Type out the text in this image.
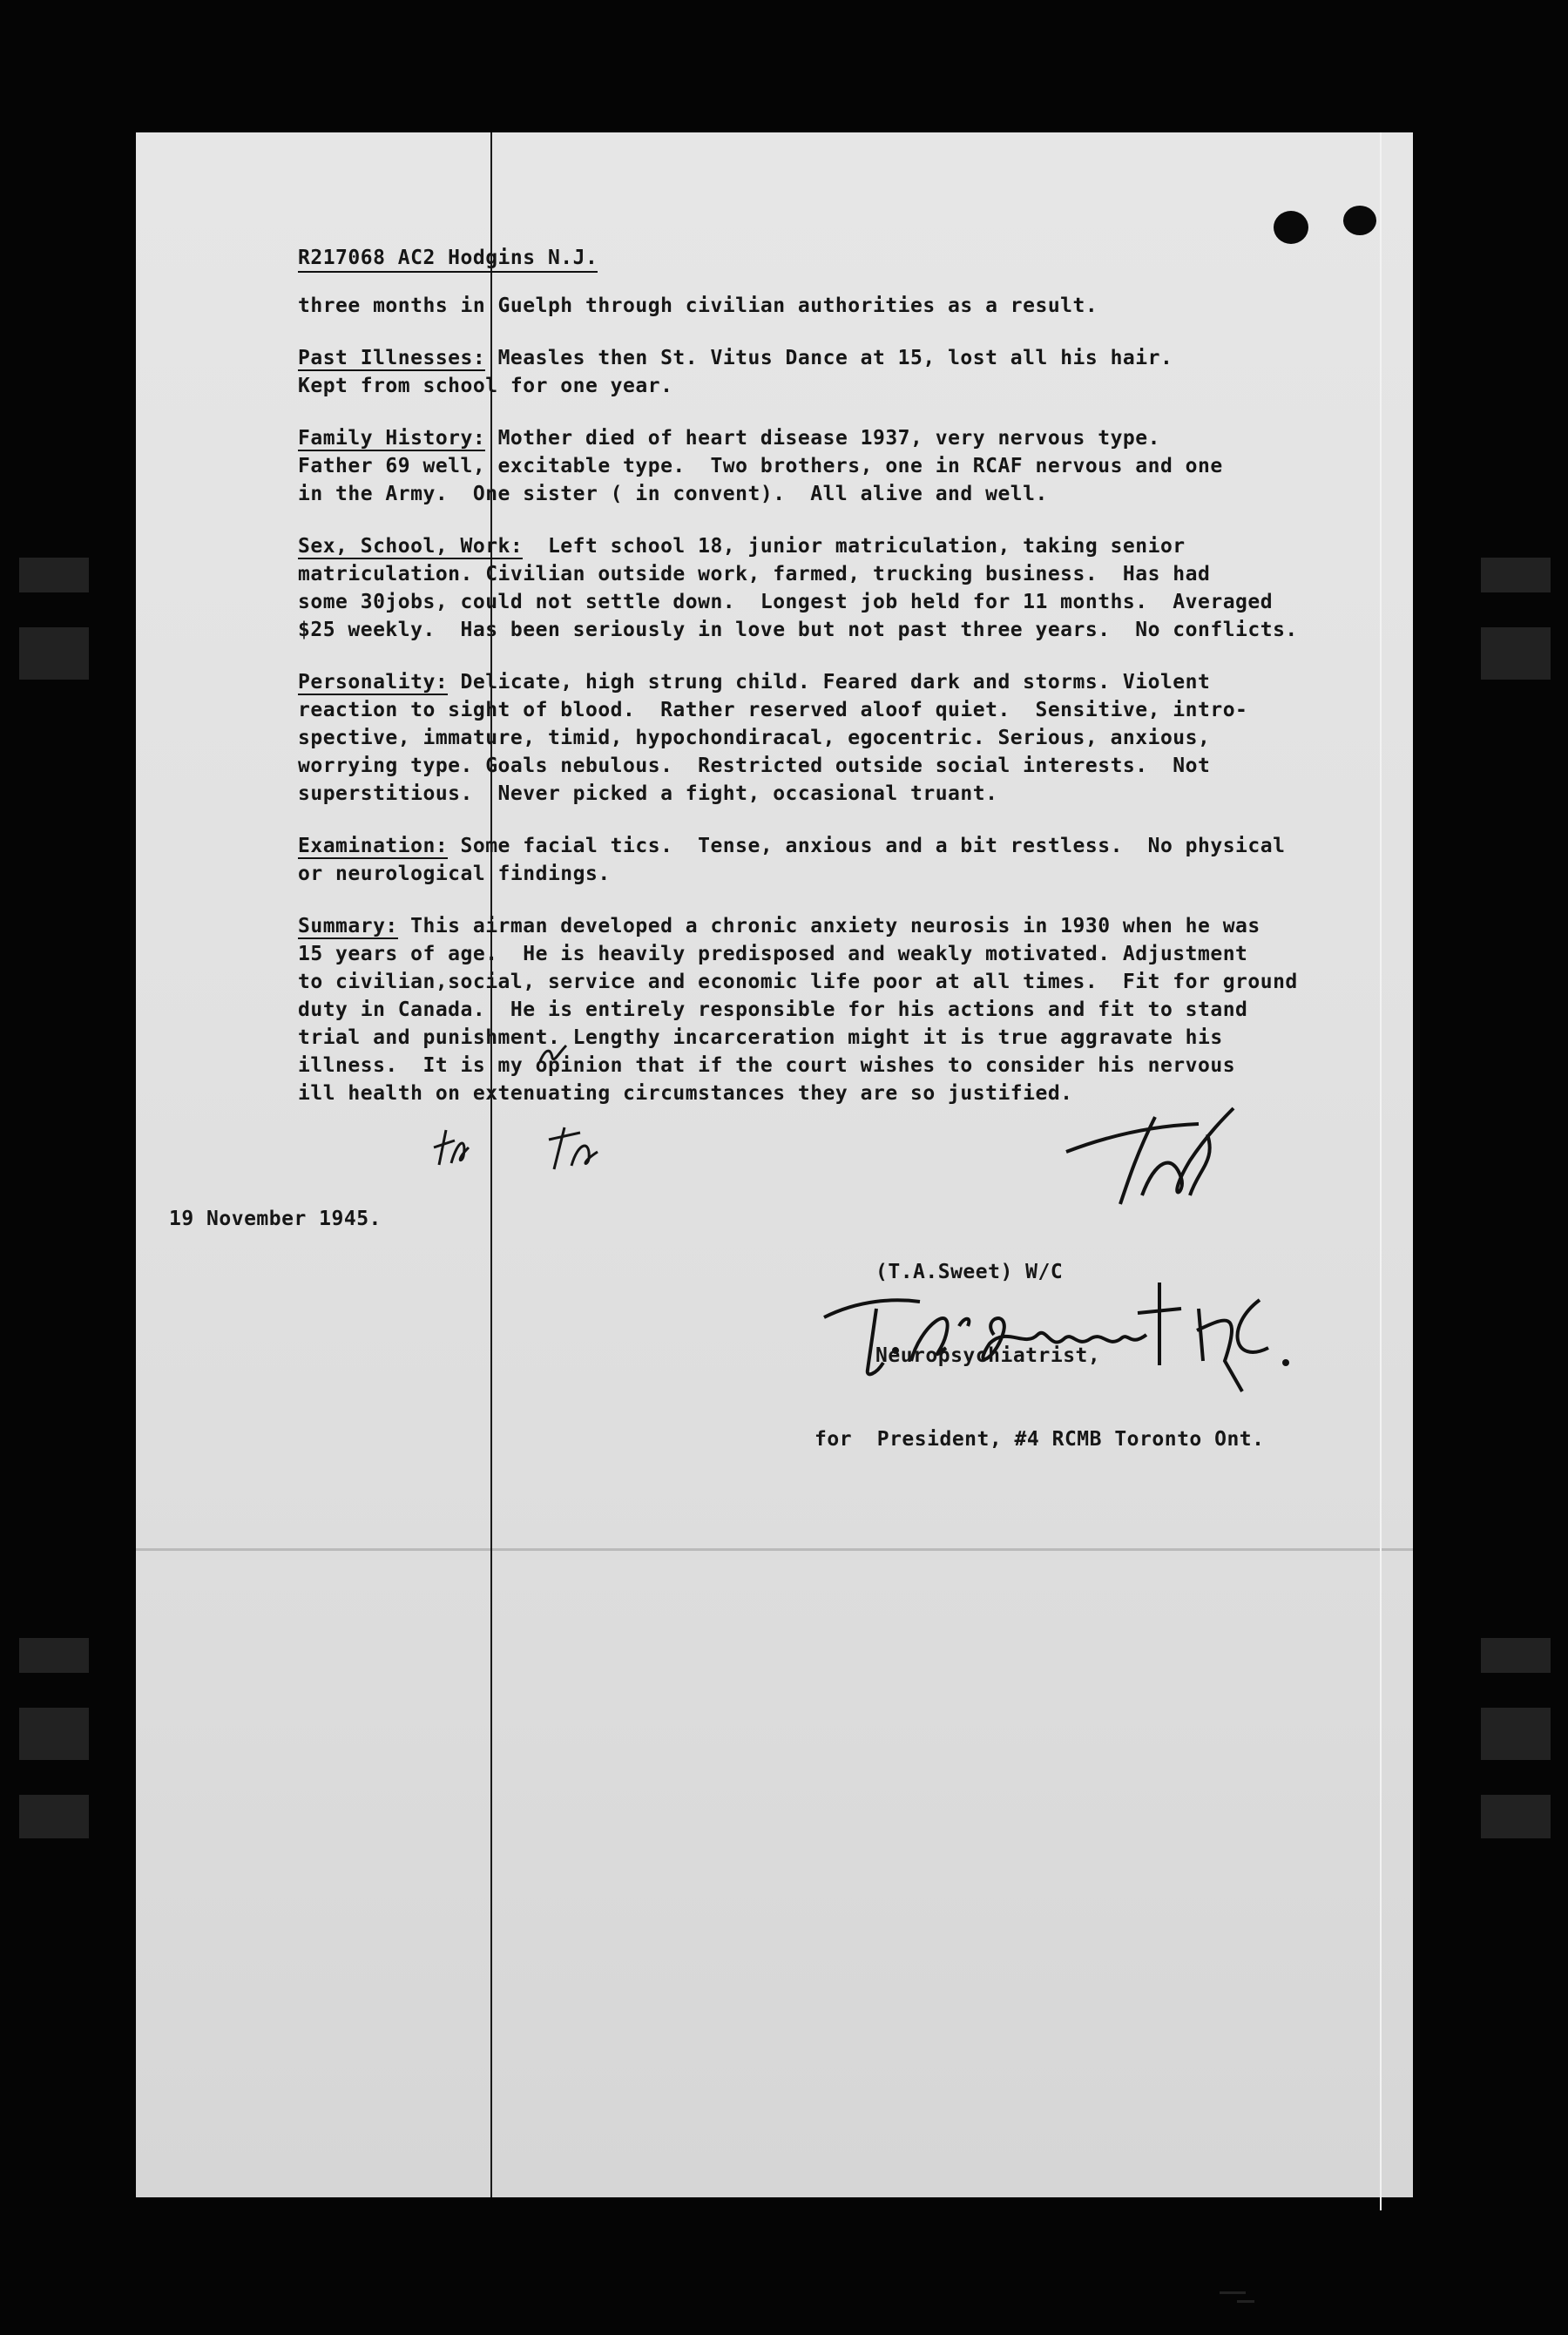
R217068 AC2 Hodgins N.J.
three months in Guelph through civilian authorities as a result.
Past Illnesses: Measles then St. Vitus Dance at 15, lost all his hair.
Kept from school for one year.
Family History: Mother died of heart disease 1937, very nervous type.
Father 69 well, excitable type.  Two brothers, one in RCAF nervous and one
in the Army.  One sister ( in convent).  All alive and well.
Sex, School, Work:  Left school 18, junior matriculation, taking senior
matriculation. Civilian outside work, farmed, trucking business.  Has had
some 30jobs, could not settle down.  Longest job held for 11 months.  Averaged
$25 weekly.  Has been seriously in love but not past three years.  No conflicts.
Personality: Delicate, high strung child. Feared dark and storms. Violent
reaction to sight of blood.  Rather reserved aloof quiet.  Sensitive, intro-
spective, immature, timid, hypochondiracal, egocentric. Serious, anxious,
worrying type. Goals nebulous.  Restricted outside social interests.  Not
superstitious.  Never picked a fight, occasional truant.
Examination: Some facial tics.  Tense, anxious and a bit restless.  No physical
or neurological findings.
Summary: This airman developed a chronic anxiety neurosis in 1930 when he was
15 years of age.  He is heavily predisposed and weakly motivated. Adjustment
to civilian,social, service and economic life poor at all times.  Fit for ground
duty in Canada.  He is entirely responsible for his actions and fit to stand
trial and punishment. Lengthy incarceration might it is true aggravate his
illness.  It is my opinion that if the court wishes to consider his nervous
ill health on extenuating circumstances they are so justified.
19 November 1945.

(T.A.Sweet) W/C

Neuropsychiatrist,

for  President, #4 RCMB Toronto Ont.
